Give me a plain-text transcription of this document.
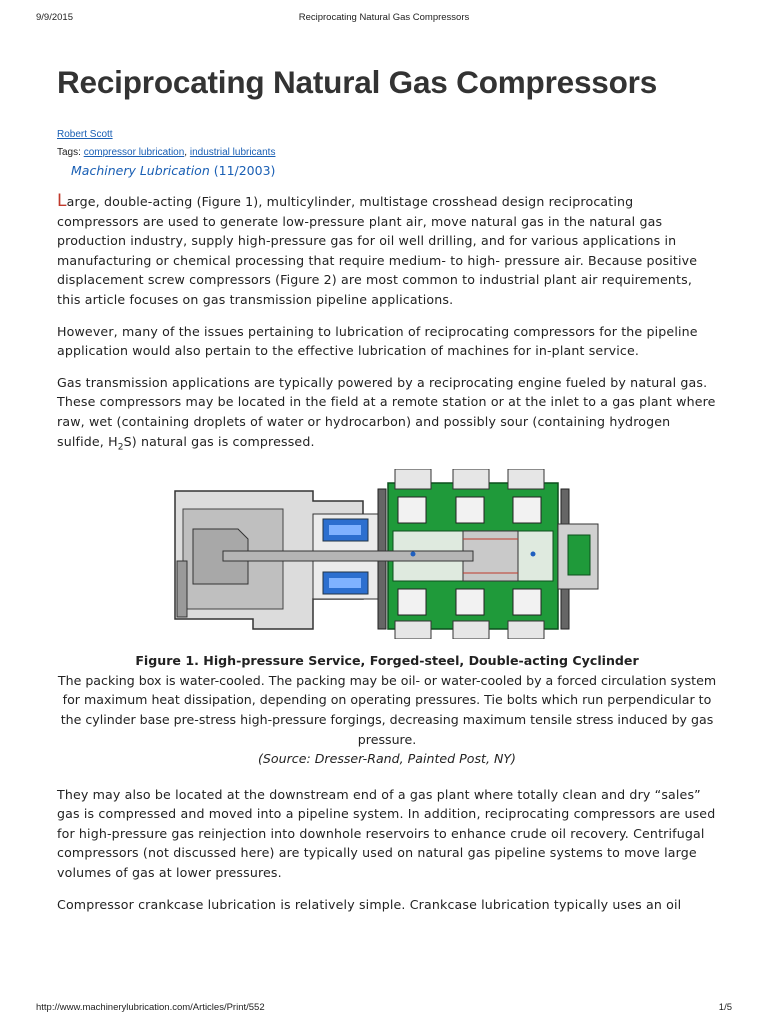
9/9/2015	Reciprocating Natural Gas Compressors
Reciprocating Natural Gas Compressors
Robert Scott
Tags: compressor lubrication, industrial lubricants
Machinery Lubrication (11/2003)

Large, double-acting (Figure 1), multicylinder, multistage crosshead design reciprocating compressors are used to generate low-pressure plant air, move natural gas in the natural gas production industry, supply high-pressure gas for oil well drilling, and for various applications in manufacturing or chemical processing that require medium- to high- pressure air. Because positive displacement screw compressors (Figure 2) are most common to industrial plant air requirements, this article focuses on gas transmission pipeline applications.

However, many of the issues pertaining to lubrication of reciprocating compressors for the pipeline application would also pertain to the effective lubrication of machines for in-plant service.

Gas transmission applications are typically powered by a reciprocating engine fueled by natural gas. These compressors may be located in the field at a remote station or at the inlet to a gas plant where raw, wet (containing droplets of water or hydrocarbon) and possibly sour (containing hydrogen sulfide, $H_2S$) natural gas is compressed.

Figure 1. High-pressure Service, Forged-steel, Double-acting Cyclinder
The packing box is water-cooled. The packing may be oil- or water-cooled by a forced circulation system for maximum heat dissipation, depending on operating pressures. Tie bolts which run perpendicular to the cylinder base pre-stress high-pressure forgings, decreasing maximum tensile stress induced by gas pressure.
(Source: Dresser-Rand, Painted Post, NY)

They may also be located at the downstream end of a gas plant where totally clean and dry “sales” gas is compressed and moved into a pipeline system. In addition, reciprocating compressors are used for high-pressure gas reinjection into downhole reservoirs to enhance crude oil recovery. Centrifugal compressors (not discussed here) are typically used on natural gas pipeline systems to move large volumes of gas at lower pressures.

Compressor crankcase lubrication is relatively simple. Crankcase lubrication typically uses an oil

http://www.machinerylubrication.com/Articles/Print/552	1/5
